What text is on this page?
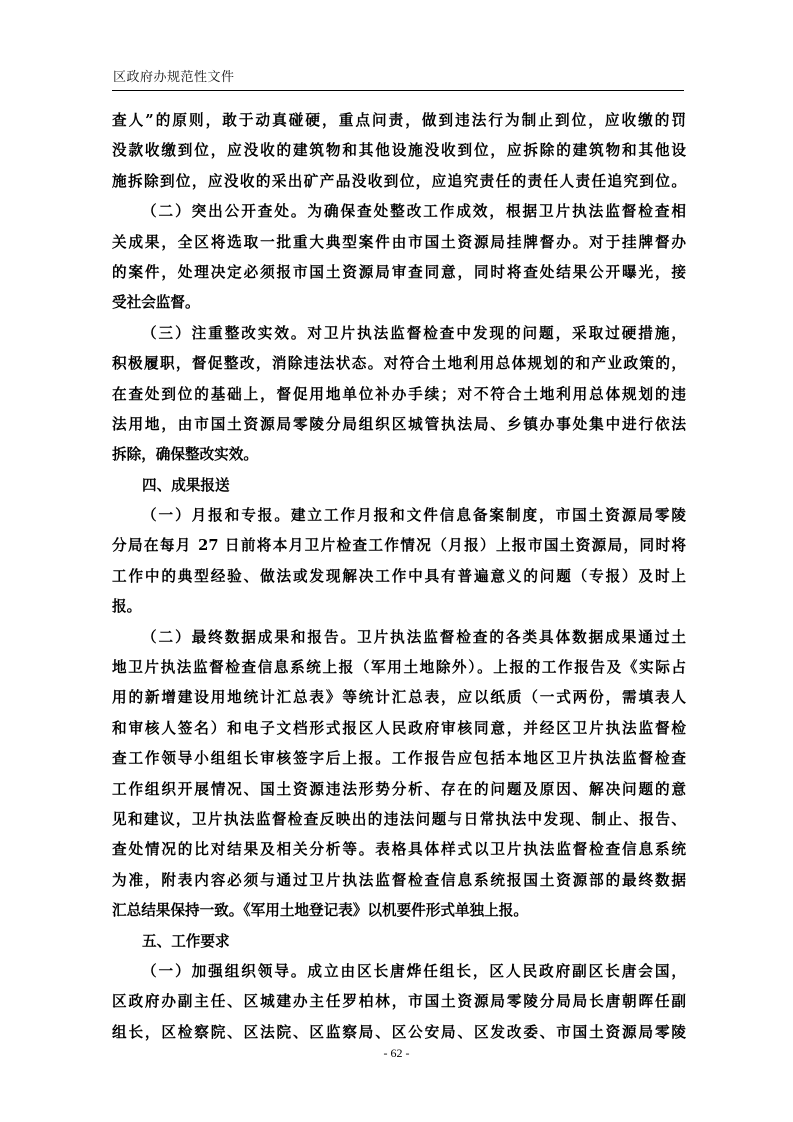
区政府办规范性文件
查人”的原则，敢于动真碰硬，重点问责，做到违法行为制止到位，应收缴的罚
没款收缴到位，应没收的建筑物和其他设施没收到位，应拆除的建筑物和其他设
施拆除到位，应没收的采出矿产品没收到位，应追究责任的责任人责任追究到位。
（二）突出公开查处。为确保查处整改工作成效，根据卫片执法监督检查相
关成果，全区将选取一批重大典型案件由市国土资源局挂牌督办。对于挂牌督办
的案件，处理决定必须报市国土资源局审查同意，同时将查处结果公开曝光，接
受社会监督。
（三）注重整改实效。对卫片执法监督检查中发现的问题，采取过硬措施，
积极履职，督促整改，消除违法状态。对符合土地利用总体规划的和产业政策的，
在查处到位的基础上，督促用地单位补办手续；对不符合土地利用总体规划的违
法用地，由市国土资源局零陵分局组织区城管执法局、乡镇办事处集中进行依法
拆除，确保整改实效。
四、成果报送
（一）月报和专报。建立工作月报和文件信息备案制度，市国土资源局零陵
分局在每月 27 日前将本月卫片检查工作情况（月报）上报市国土资源局，同时将
工作中的典型经验、做法或发现解决工作中具有普遍意义的问题（专报）及时上
报。
（二）最终数据成果和报告。卫片执法监督检查的各类具体数据成果通过土
地卫片执法监督检查信息系统上报（军用土地除外）。上报的工作报告及《实际占
用的新增建设用地统计汇总表》等统计汇总表，应以纸质（一式两份，需填表人
和审核人签名）和电子文档形式报区人民政府审核同意，并经区卫片执法监督检
查工作领导小组组长审核签字后上报。工作报告应包括本地区卫片执法监督检查
工作组织开展情况、国土资源违法形势分析、存在的问题及原因、解决问题的意
见和建议，卫片执法监督检查反映出的违法问题与日常执法中发现、制止、报告、
查处情况的比对结果及相关分析等。表格具体样式以卫片执法监督检查信息系统
为准，附表内容必须与通过卫片执法监督检查信息系统报国土资源部的最终数据
汇总结果保持一致。《军用土地登记表》以机要件形式单独上报。
五、工作要求
（一）加强组织领导。成立由区长唐烨任组长，区人民政府副区长唐会国，
区政府办副主任、区城建办主任罗柏林，市国土资源局零陵分局局长唐朝晖任副
组长，区检察院、区法院、区监察局、区公安局、区发改委、市国土资源局零陵
- 62 -
